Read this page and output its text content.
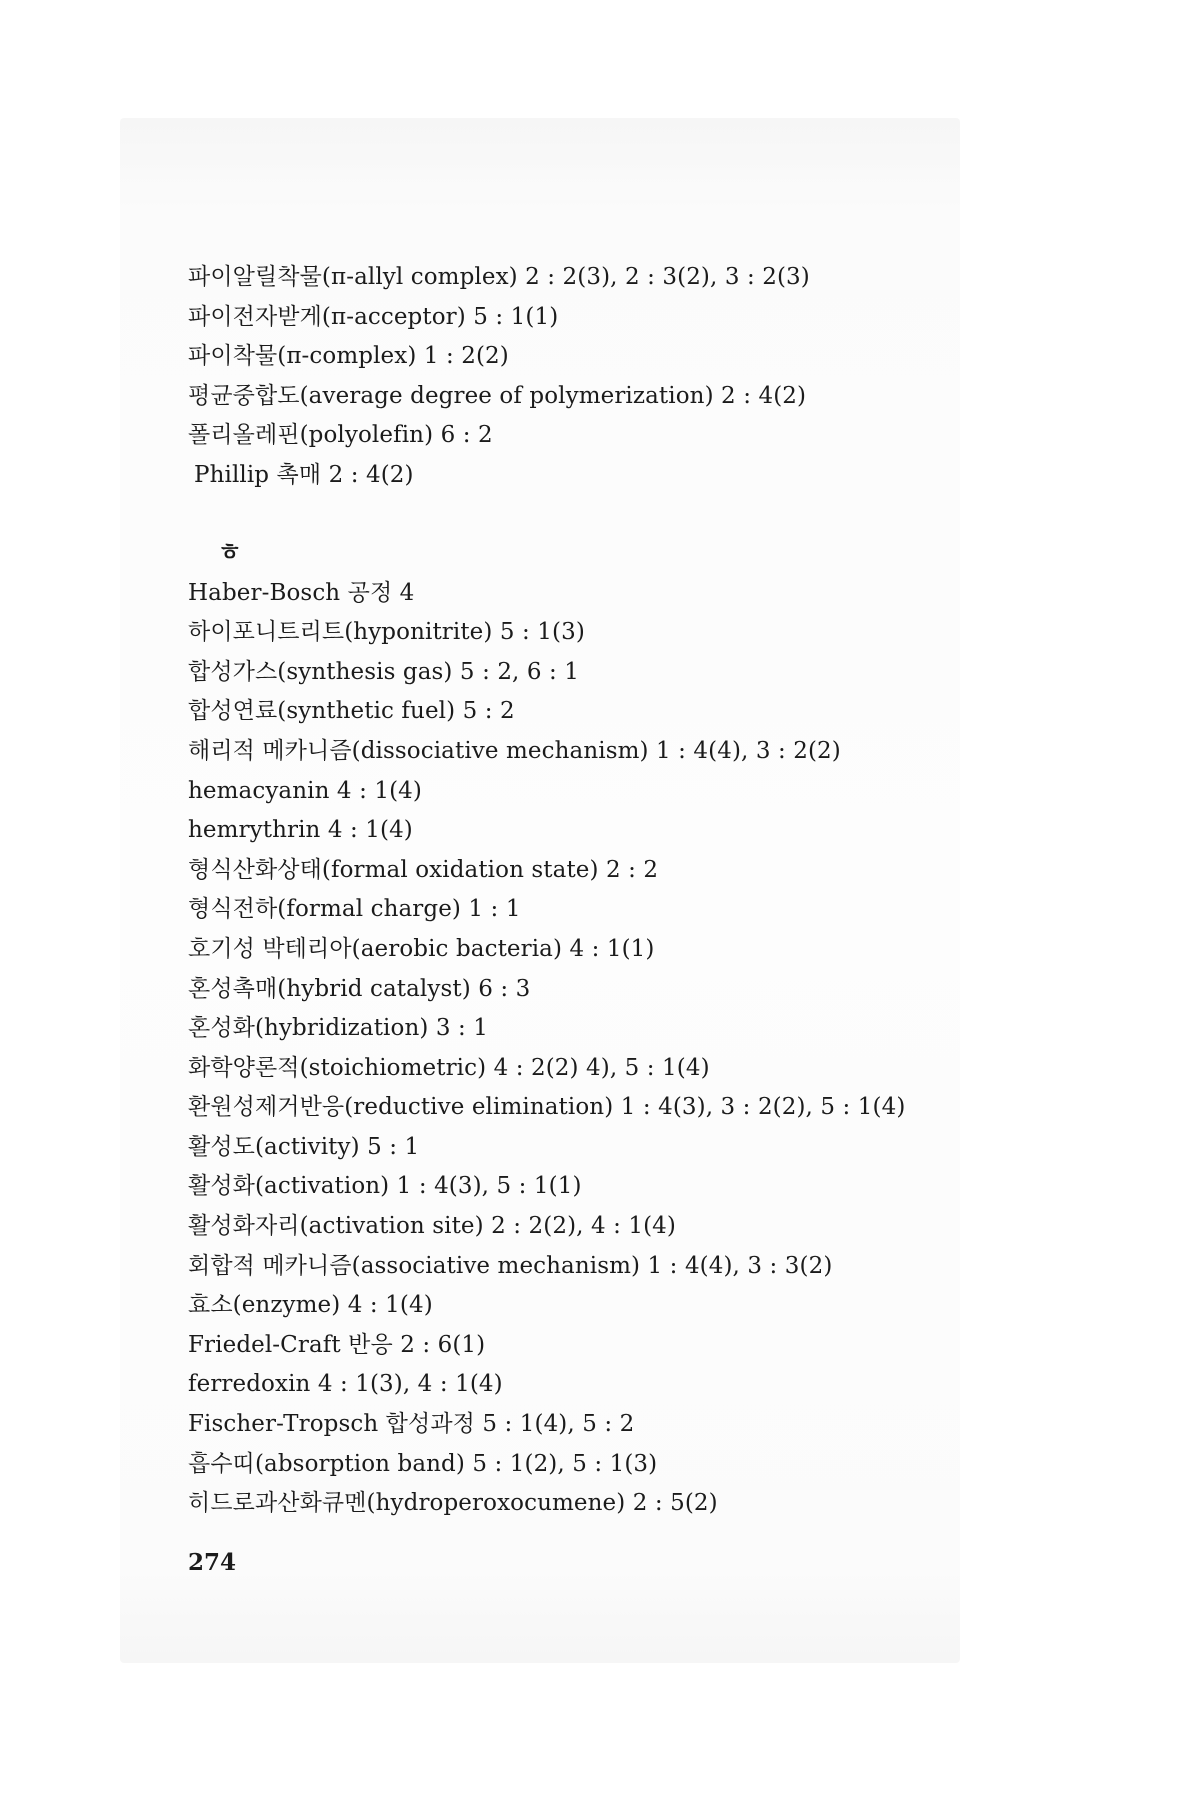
파이알릴착물(π-allyl complex) 2 : 2(3), 2 : 3(2), 3 : 2(3)
파이전자받게(π-acceptor) 5 : 1(1)
파이착물(π-complex) 1 : 2(2)
평균중합도(average degree of polymerization) 2 : 4(2)
폴리올레핀(polyolefin) 6 : 2
Phillip 촉매 2 : 4(2)
ㅎ
Haber-Bosch 공정 4
하이포니트리트(hyponitrite) 5 : 1(3)
합성가스(synthesis gas) 5 : 2, 6 : 1
합성연료(synthetic fuel) 5 : 2
해리적 메카니즘(dissociative mechanism) 1 : 4(4), 3 : 2(2)
hemacyanin 4 : 1(4)
hemrythrin 4 : 1(4)
형식산화상태(formal oxidation state) 2 : 2
형식전하(formal charge) 1 : 1
호기성 박테리아(aerobic bacteria) 4 : 1(1)
혼성촉매(hybrid catalyst) 6 : 3
혼성화(hybridization) 3 : 1
화학양론적(stoichiometric) 4 : 2(2) 4), 5 : 1(4)
환원성제거반응(reductive elimination) 1 : 4(3), 3 : 2(2), 5 : 1(4)
활성도(activity) 5 : 1
활성화(activation) 1 : 4(3), 5 : 1(1)
활성화자리(activation site) 2 : 2(2), 4 : 1(4)
회합적 메카니즘(associative mechanism) 1 : 4(4), 3 : 3(2)
효소(enzyme) 4 : 1(4)
Friedel-Craft 반응 2 : 6(1)
ferredoxin 4 : 1(3), 4 : 1(4)
Fischer-Tropsch 합성과정 5 : 1(4), 5 : 2
흡수띠(absorption band) 5 : 1(2), 5 : 1(3)
히드로과산화큐멘(hydroperoxocumene) 2 : 5(2)
274
